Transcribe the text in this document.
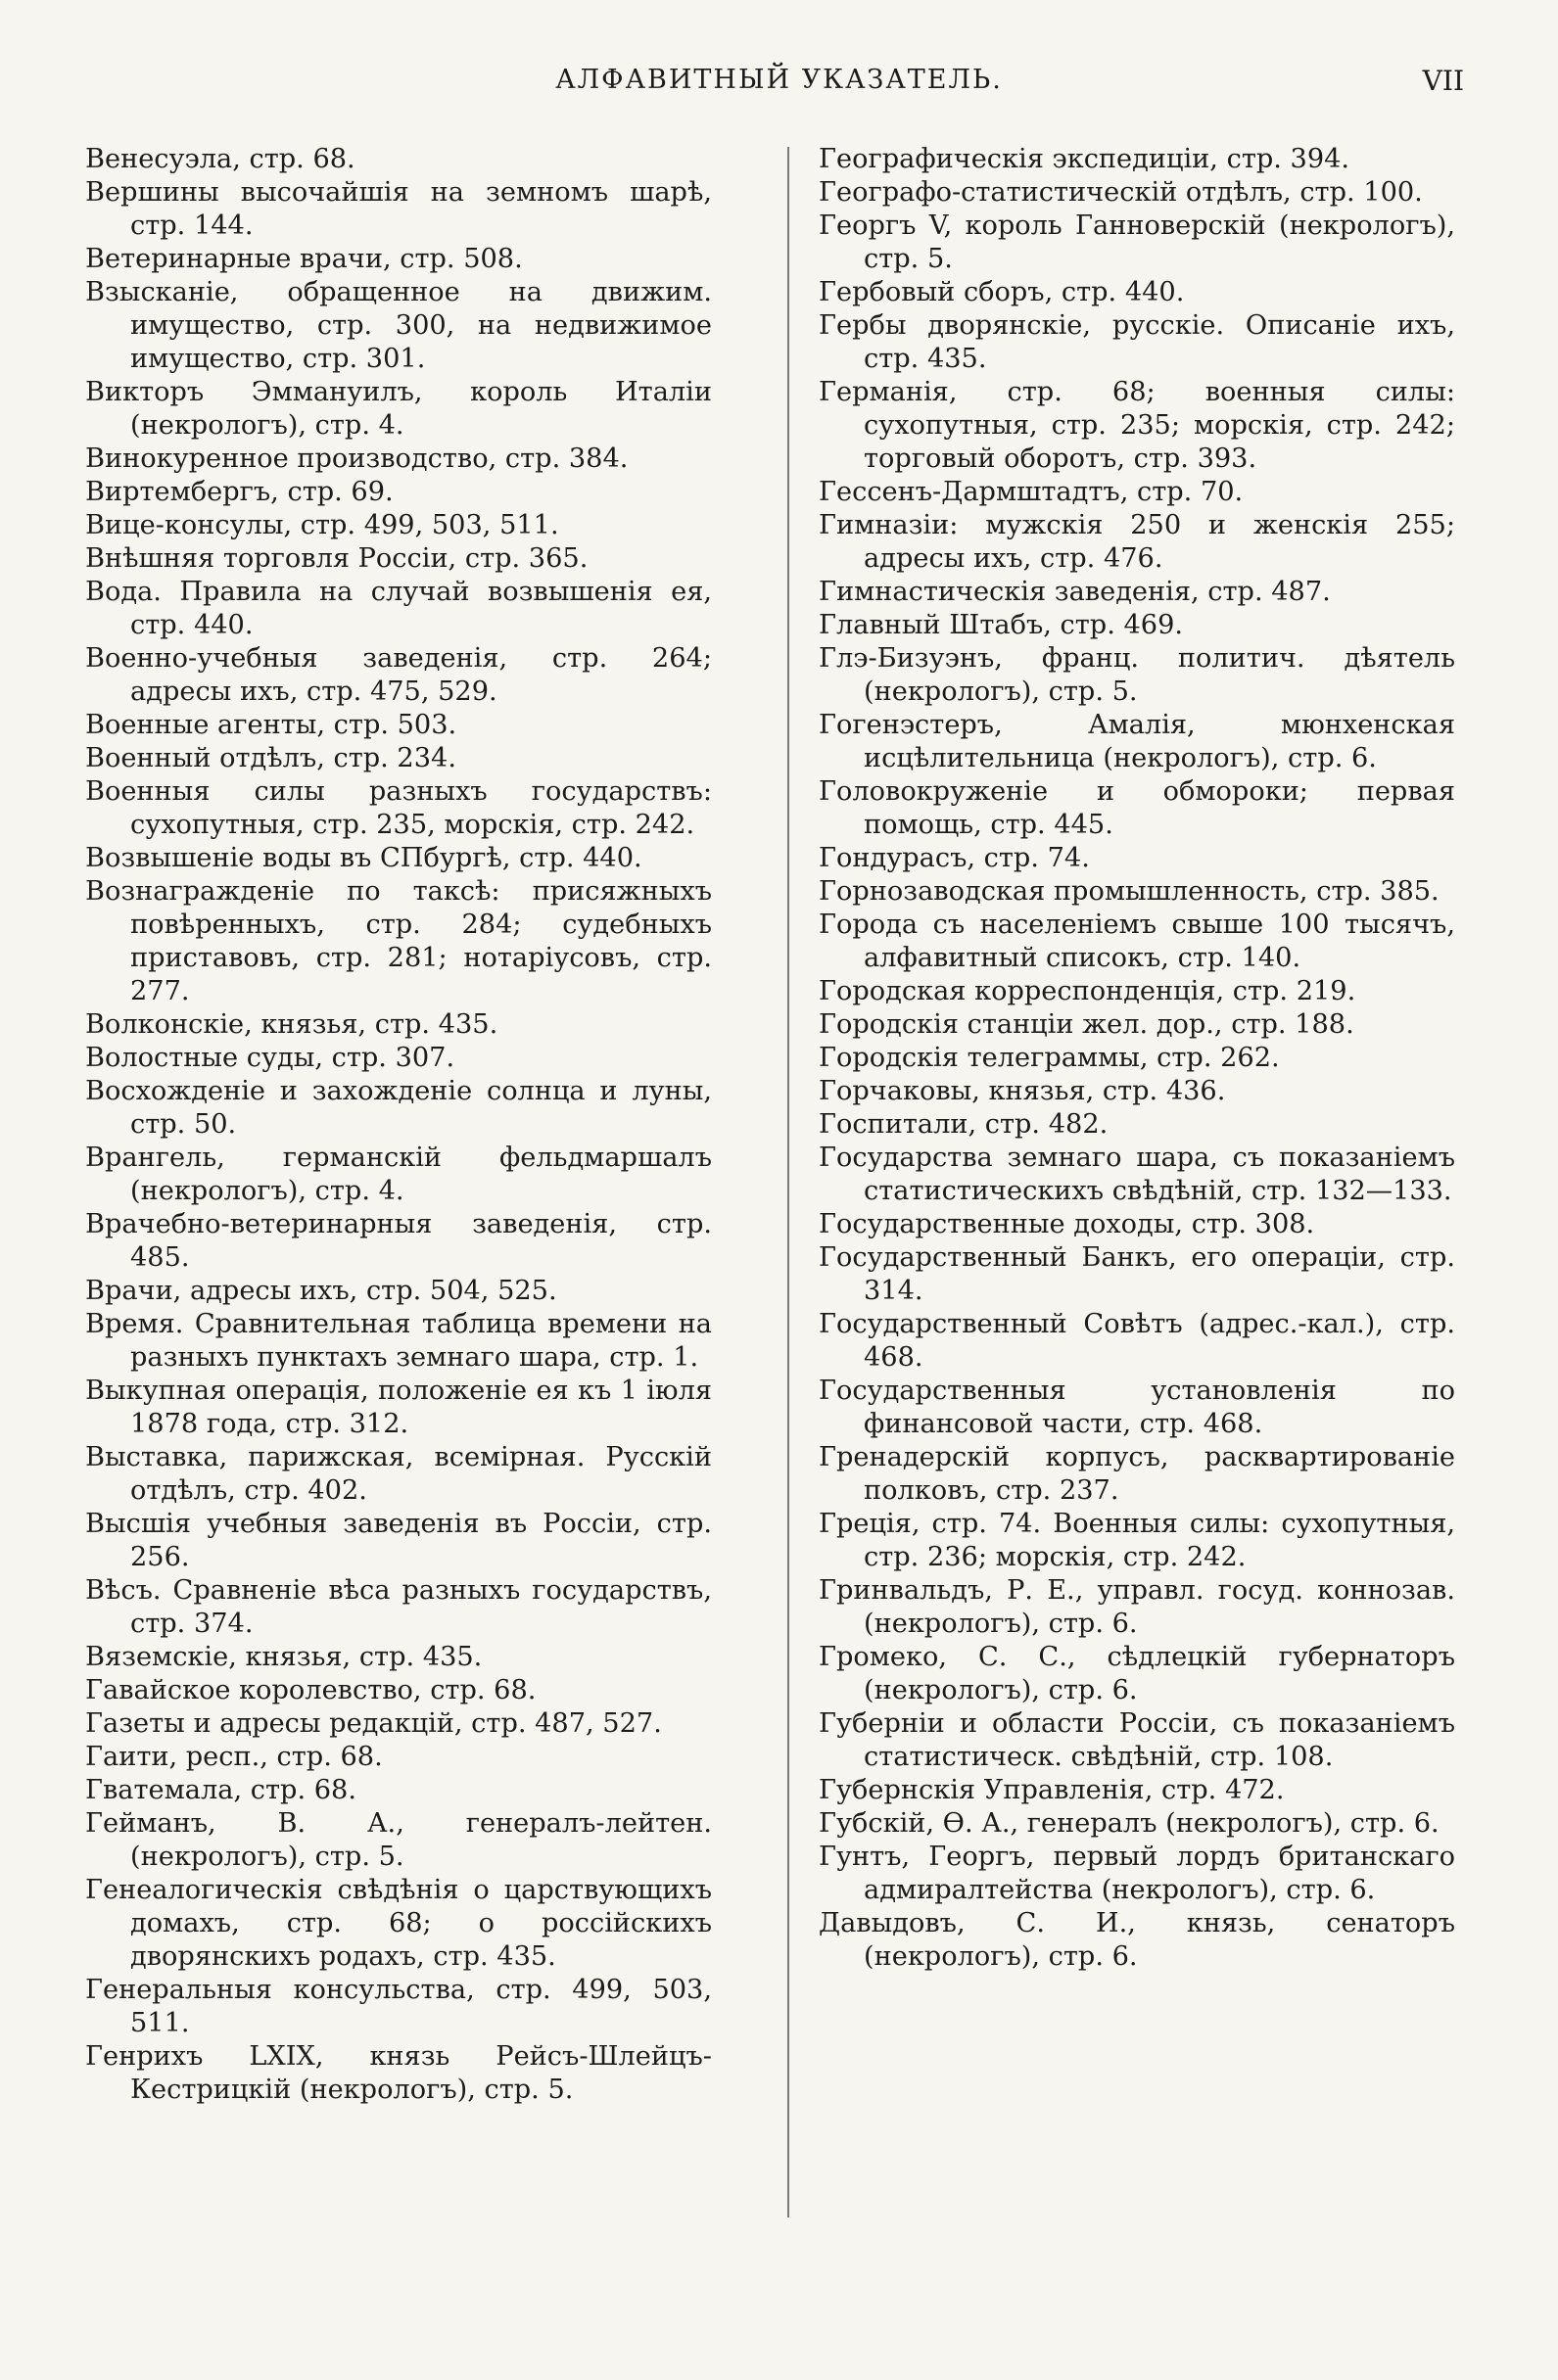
АЛФАВИТНЫЙ УКАЗАТЕЛЬ.	VII

Венесуэла, стр. 68.

Вершины высочайшія на земномъ шарѣ, стр. 144.

Ветеринарные врачи, стр. 508.

Взысканіе, обращенное на движим. имущество, стр. 300, на недвижимое имущество, стр. 301.

Викторъ Эммануилъ, король Италіи (некрологъ), стр. 4.

Винокуренное производство, стр. 384.

Виртембергъ, стр. 69.

Вице-консулы, стр. 499, 503, 511.

Внѣшняя торговля Россіи, стр. 365.

Вода. Правила на случай возвышенія ея, стр. 440.

Военно-учебныя заведенія, стр. 264; адресы ихъ, стр. 475, 529.

Военные агенты, стр. 503.

Военный отдѣлъ, стр. 234.

Военныя силы разныхъ государствъ: сухопутныя, стр. 235, морскія, стр. 242.

Возвышеніе воды въ СПбургѣ, стр. 440.

Вознагражденіе по таксѣ: присяжныхъ повѣренныхъ, стр. 284; судебныхъ приставовъ, стр. 281; нотаріусовъ, стр. 277.

Волконскіе, князья, стр. 435.

Волостные суды, стр. 307.

Восхожденіе и захожденіе солнца и луны, стр. 50.

Врангель, германскій фельдмаршалъ (некрологъ), стр. 4.

Врачебно-ветеринарныя заведенія, стр. 485.

Врачи, адресы ихъ, стр. 504, 525.

Время. Сравнительная таблица времени на разныхъ пунктахъ земнаго шара, стр. 1.

Выкупная операція, положеніе ея къ 1 іюля 1878 года, стр. 312.

Выставка, парижская, всемірная. Русскій отдѣлъ, стр. 402.

Высшія учебныя заведенія въ Россіи, стр. 256.

Вѣсъ. Сравненіе вѣса разныхъ государствъ, стр. 374.

Вяземскіе, князья, стр. 435.

Гавайское королевство, стр. 68.

Газеты и адресы редакцій, стр. 487, 527.

Гаити, респ., стр. 68.

Гватемала, стр. 68.

Гейманъ, В. А., генералъ-лейтен. (некрологъ), стр. 5.

Генеалогическія свѣдѣнія о царствующихъ домахъ, стр. 68; о россійскихъ дворянскихъ родахъ, стр. 435.

Генеральныя консульства, стр. 499, 503, 511.

Генрихъ LXIX, князь Рейсъ-Шлейцъ-Кестрицкій (некрологъ), стр. 5.

Географическія экспедиціи, стр. 394.

Географо-статистическій отдѣлъ, стр. 100.

Георгъ V, король Ганноверскій (некрологъ), стр. 5.

Гербовый сборъ, стр. 440.

Гербы дворянскіе, русскіе. Описаніе ихъ, стр. 435.

Германія, стр. 68; военныя силы: сухопутныя, стр. 235; морскія, стр. 242; торговый оборотъ, стр. 393.

Гессенъ-Дармштадтъ, стр. 70.

Гимназіи: мужскія 250 и женскія 255; адресы ихъ, стр. 476.

Гимнастическія заведенія, стр. 487.

Главный Штабъ, стр. 469.

Глэ-Бизуэнъ, франц. политич. дѣятель (некрологъ), стр. 5.

Гогенэстеръ, Амалія, мюнхенская исцѣлительница (некрологъ), стр. 6.

Головокруженіе и обмороки; первая помощь, стр. 445.

Гондурасъ, стр. 74.

Горнозаводская промышленность, стр. 385.

Города съ населеніемъ свыше 100 тысячъ, алфавитный списокъ, стр. 140.

Городская корреспонденція, стр. 219.

Городскія станціи жел. дор., стр. 188.

Городскія телеграммы, стр. 262.

Горчаковы, князья, стр. 436.

Госпитали, стр. 482.

Государства земнаго шара, съ показаніемъ статистическихъ свѣдѣній, стр. 132—133.

Государственные доходы, стр. 308.

Государственный Банкъ, его операціи, стр. 314.

Государственный Совѣтъ (адрес.-кал.), стр. 468.

Государственныя установленія по финансовой части, стр. 468.

Гренадерскій корпусъ, расквартированіе полковъ, стр. 237.

Греція, стр. 74. Военныя силы: сухопутныя, стр. 236; морскія, стр. 242.

Гринвальдъ, Р. Е., управл. госуд. коннозав. (некрологъ), стр. 6.

Громеко, С. С., сѣдлецкій губернаторъ (некрологъ), стр. 6.

Губерніи и области Россіи, съ показаніемъ статистическ. свѣдѣній, стр. 108.

Губернскія Управленія, стр. 472.

Губскій, Ѳ. А., генералъ (некрологъ), стр. 6.

Гунтъ, Георгъ, первый лордъ британскаго адмиралтейства (некрологъ), стр. 6.

Давыдовъ, С. И., князь, сенаторъ (некрологъ), стр. 6.
